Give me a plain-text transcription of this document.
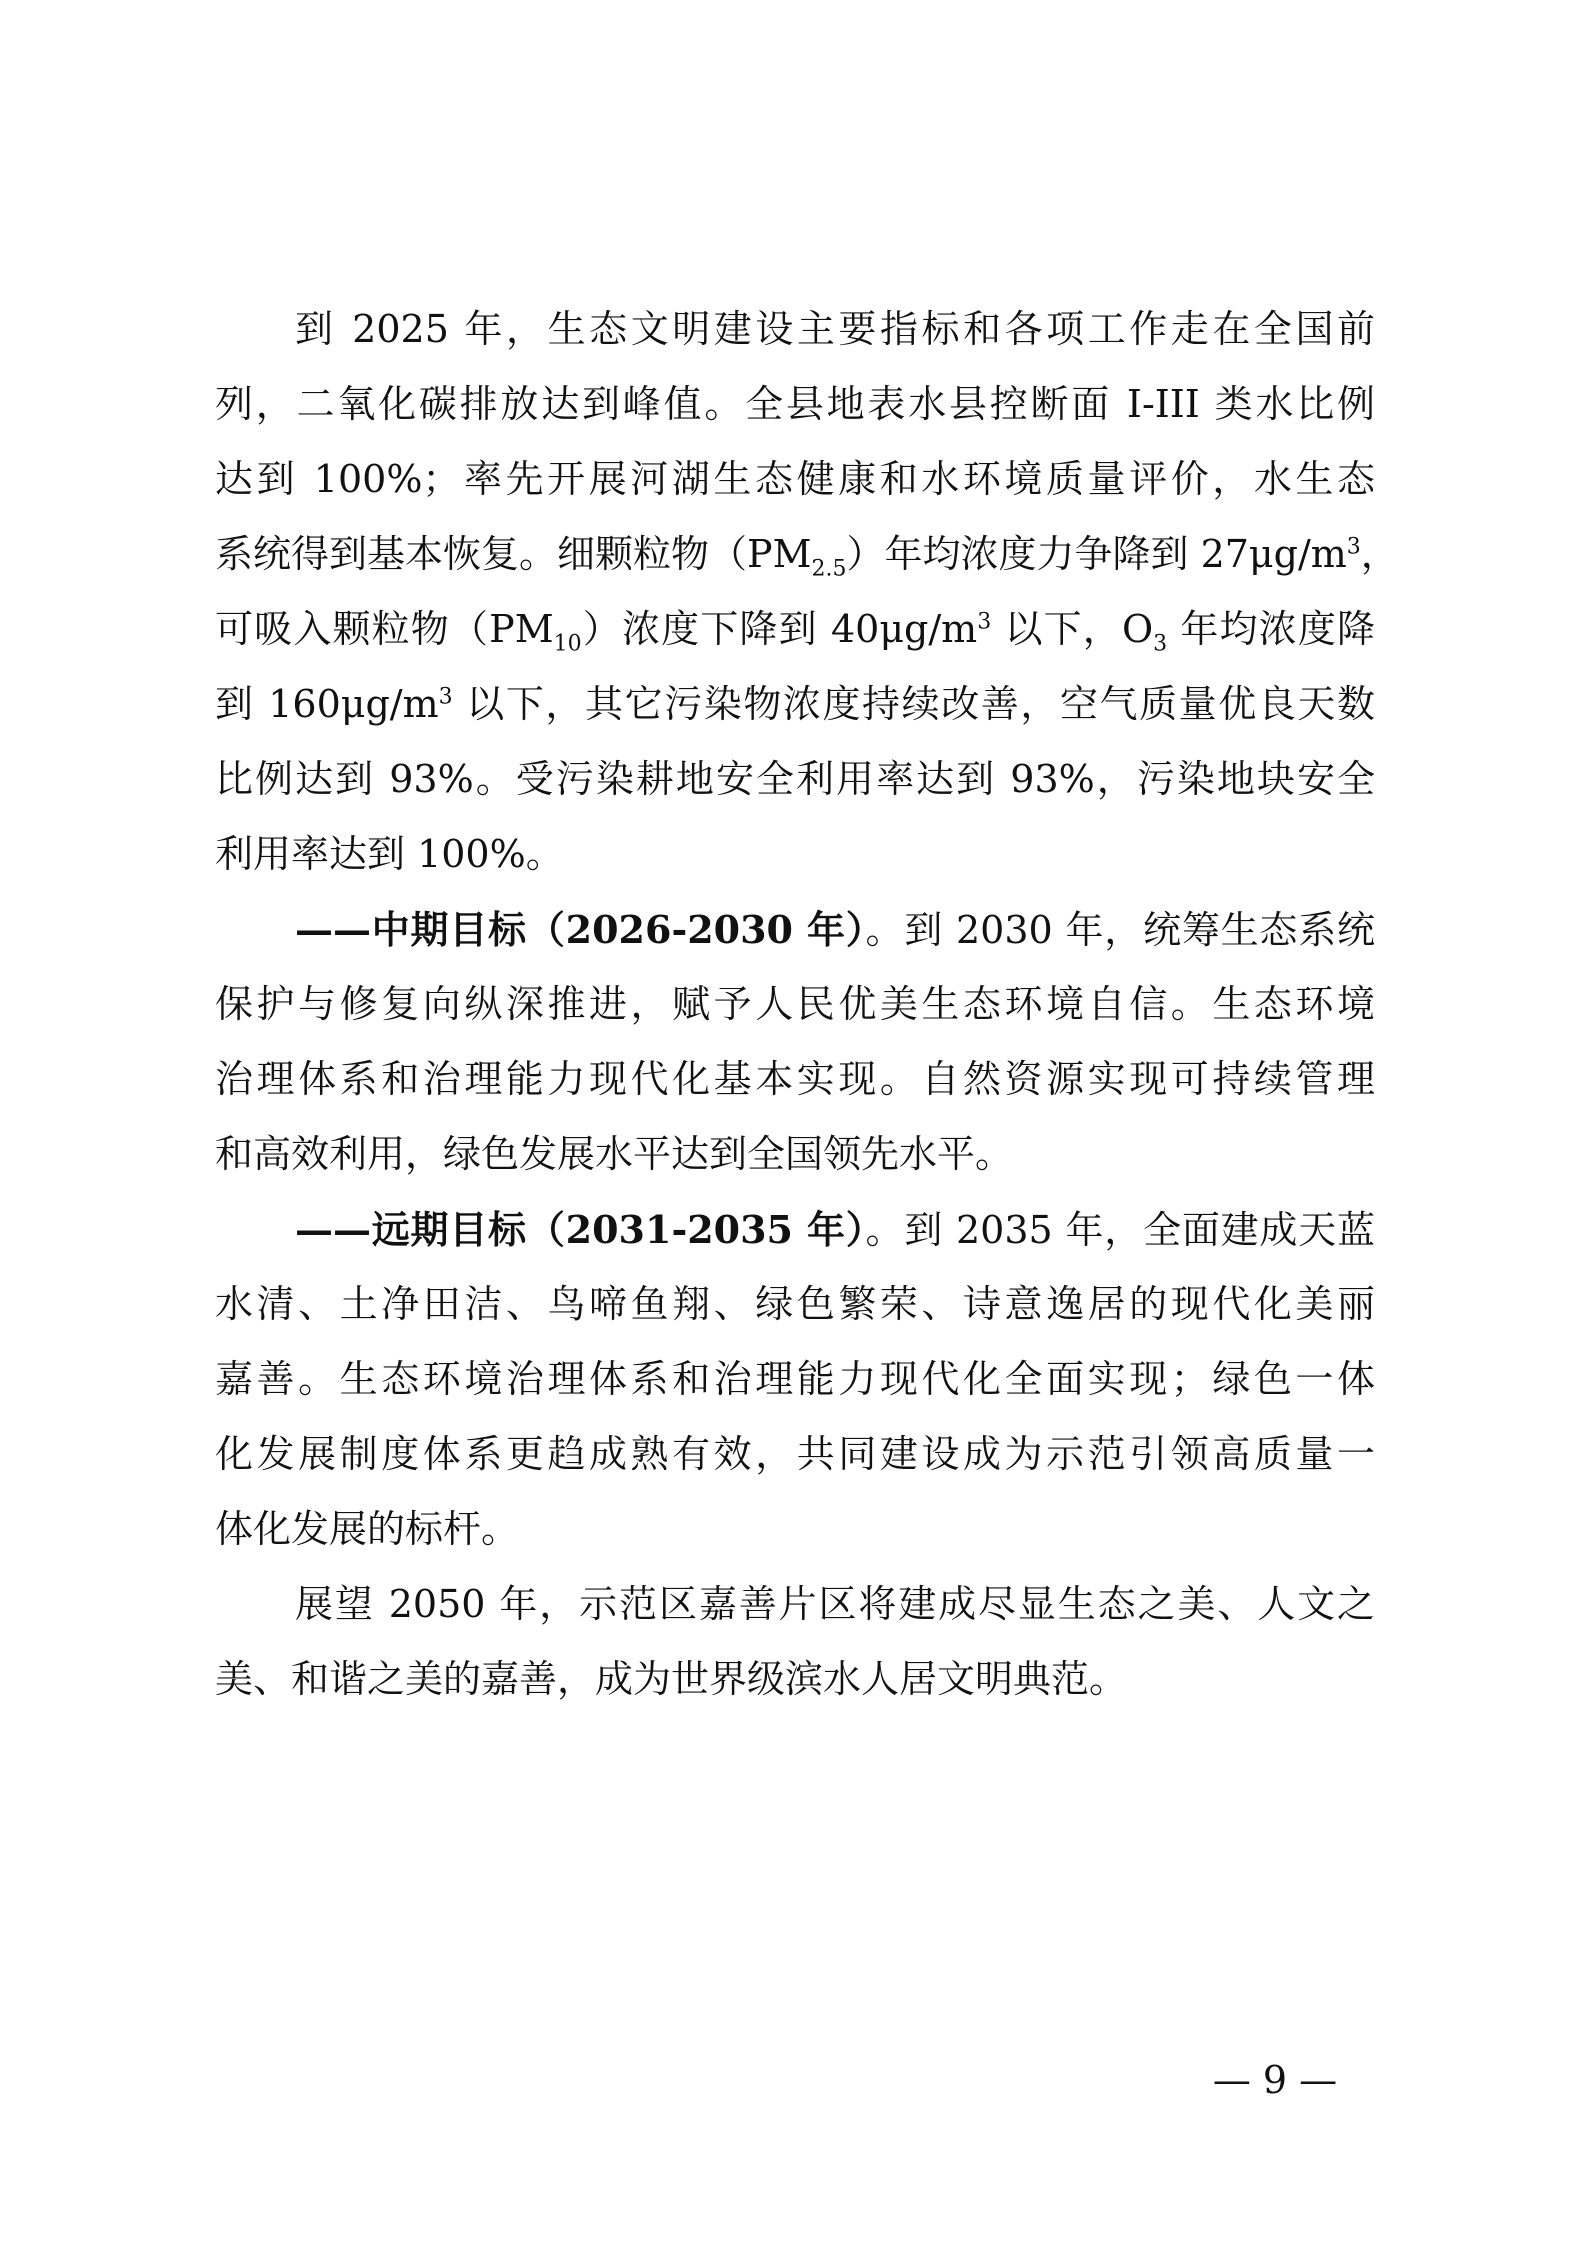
到 2025 年，生态文明建设主要指标和各项工作走在全国前
列，二氧化碳排放达到峰值。全县地表水县控断面 I-III 类水比例
达到 100%；率先开展河湖生态健康和水环境质量评价，水生态
系统得到基本恢复。细颗粒物$(PM_{2.5})$年均浓度力争降到 $27\mu g/m^3$，
可吸入颗粒物$(PM_{10})$浓度下降到 $40\mu g/m^3$ 以下，$O_3$ 年均浓度降
到 $160\mu g/m^3$ 以下，其它污染物浓度持续改善，空气质量优良天数
比例达到 93%。受污染耕地安全利用率达到 93%，污染地块安全
利用率达到 100%。
——中期目标（2026-2030 年）。到 2030 年，统筹生态系统
保护与修复向纵深推进，赋予人民优美生态环境自信。生态环境
治理体系和治理能力现代化基本实现。自然资源实现可持续管理
和高效利用，绿色发展水平达到全国领先水平。
——远期目标（2031-2035 年）。到 2035 年，全面建成天蓝
水清、土净田洁、鸟啼鱼翔、绿色繁荣、诗意逸居的现代化美丽
嘉善。生态环境治理体系和治理能力现代化全面实现；绿色一体
化发展制度体系更趋成熟有效，共同建设成为示范引领高质量一
体化发展的标杆。
展望 2050 年，示范区嘉善片区将建成尽显生态之美、人文之
美、和谐之美的嘉善，成为世界级滨水人居文明典范。
— 9 —
